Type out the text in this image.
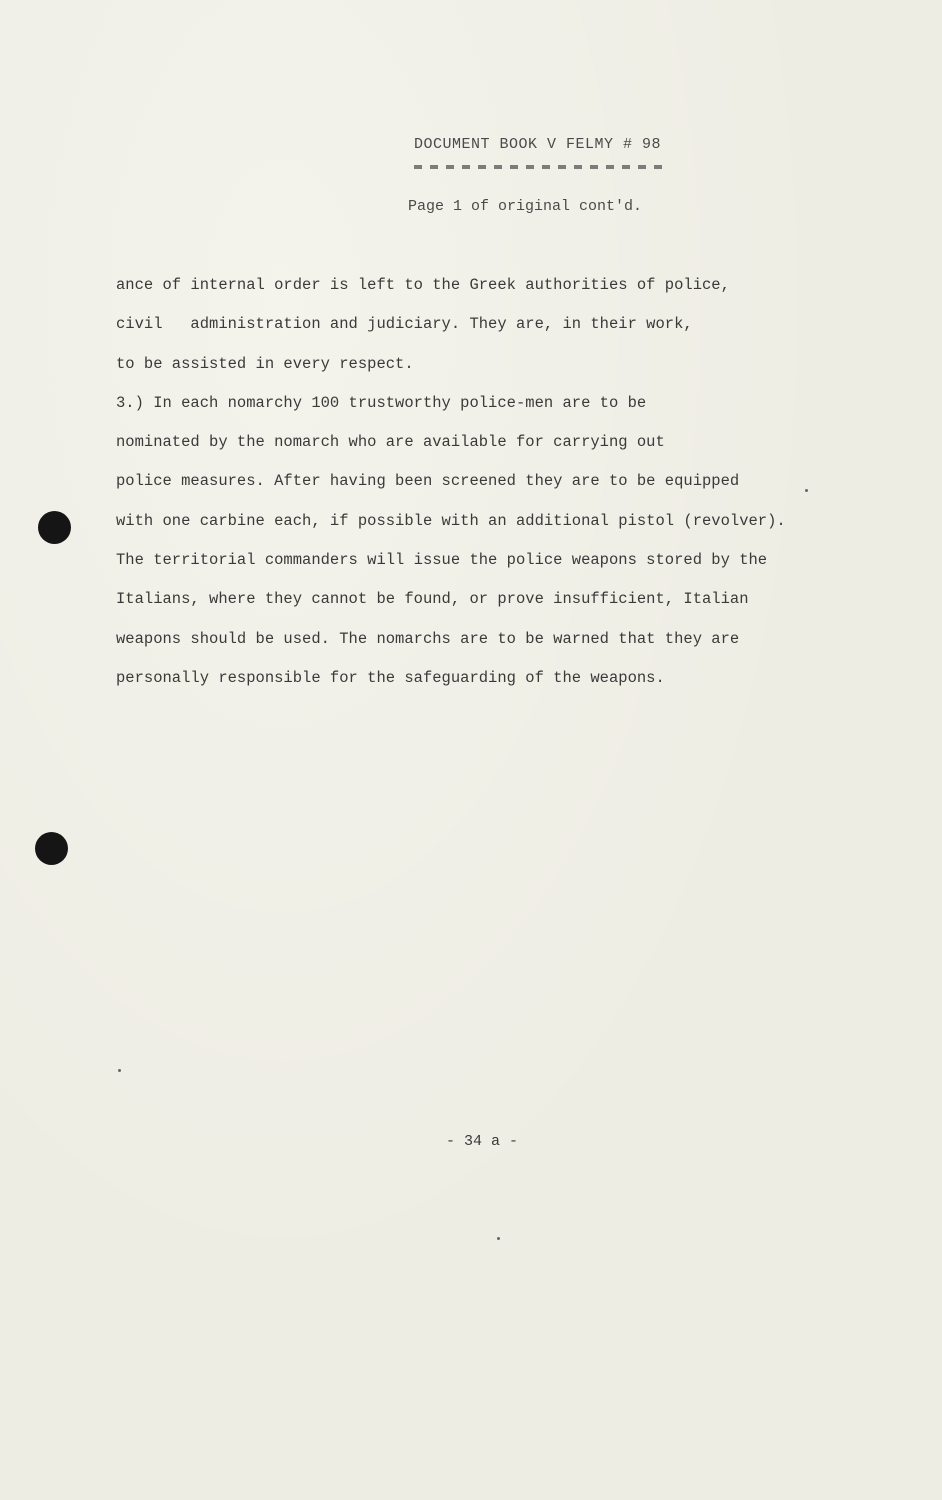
DOCUMENT BOOK V FELMY # 98
Page 1 of original cont'd.
ance of internal order is left to the Greek authorities of police,
civil   administration and judiciary. They are, in their work,
to be assisted in every respect.
3.) In each nomarchy 100 trustworthy police-men are to be
nominated by the nomarch who are available for carrying out
police measures. After having been screened they are to be equipped
with one carbine each, if possible with an additional pistol (revolver).
The territorial commanders will issue the police weapons stored by the
Italians, where they cannot be found, or prove insufficient, Italian
weapons should be used. The nomarchs are to be warned that they are
personally responsible for the safeguarding of the weapons.
- 34 a -
